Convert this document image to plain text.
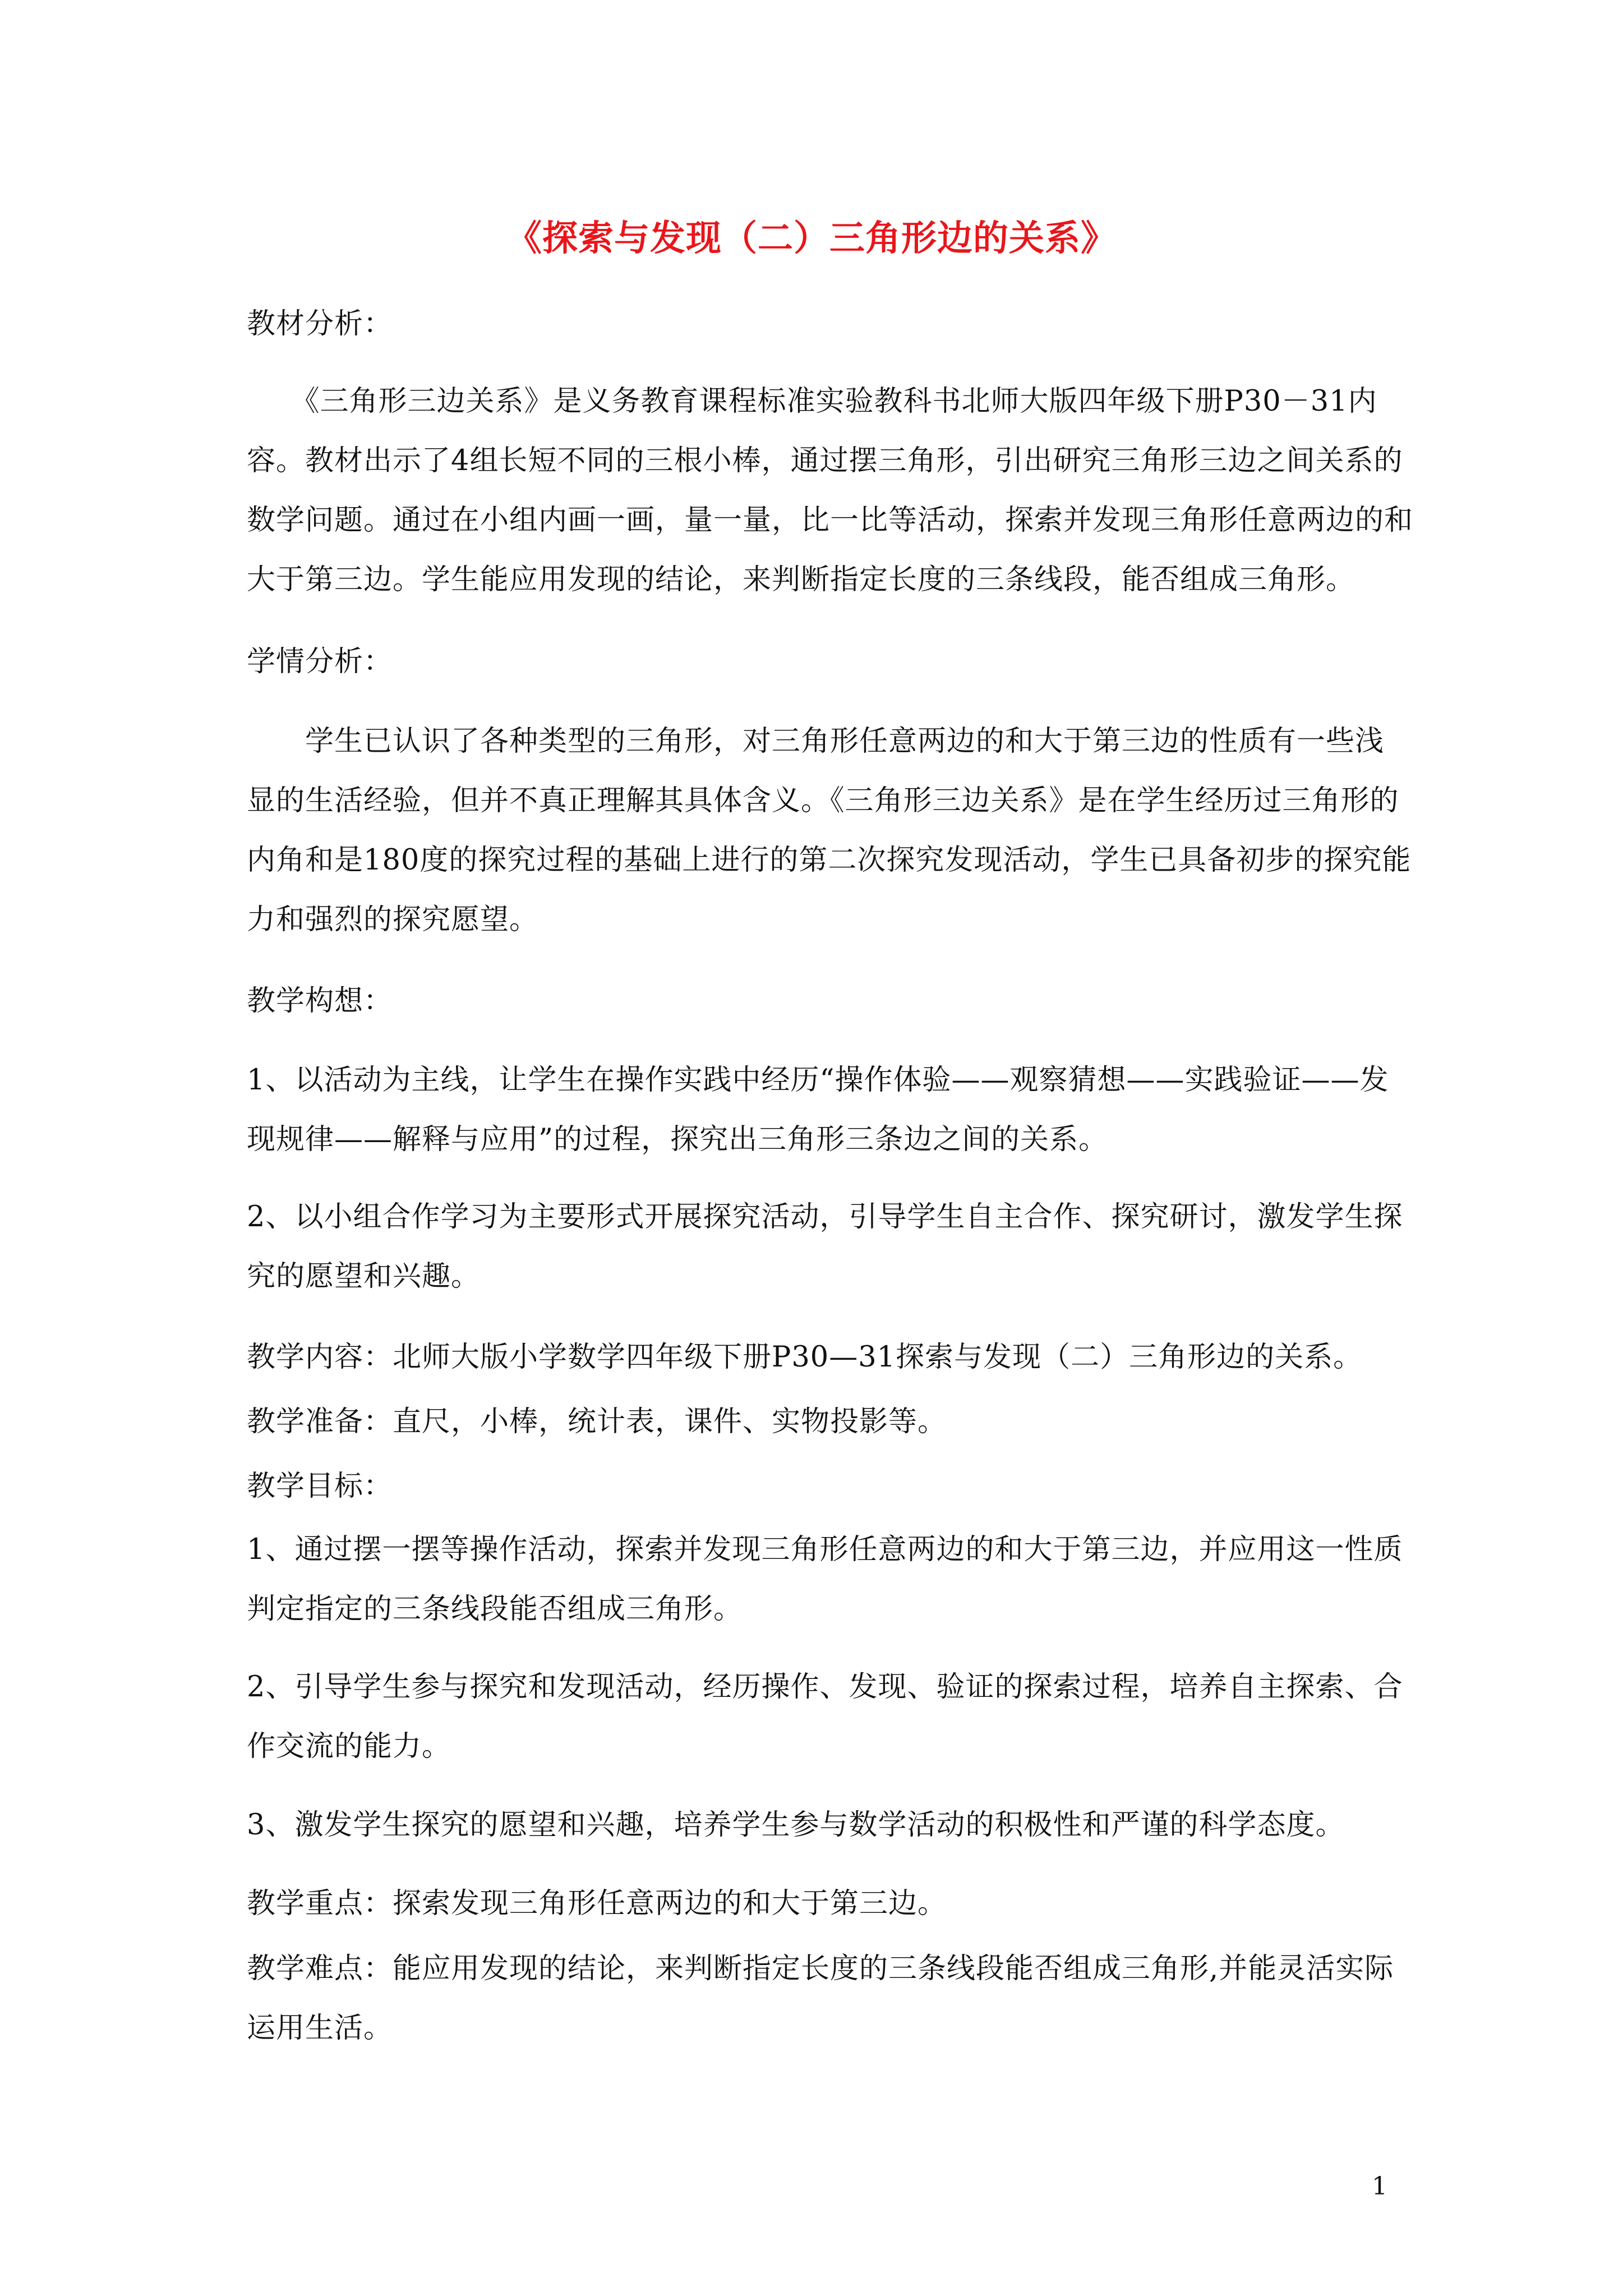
《探索与发现（二）三角形边的关系》
教材分析：
　　《三角形三边关系》是义务教育课程标准实验教科书北师大版四年级下册P30－31内
容。教材出示了4组长短不同的三根小棒，通过摆三角形，引出研究三角形三边之间关系的
数学问题。通过在小组内画一画，量一量，比一比等活动，探索并发现三角形任意两边的和
大于第三边。学生能应用发现的结论，来判断指定长度的三条线段，能否组成三角形。
学情分析：
　　学生已认识了各种类型的三角形，对三角形任意两边的和大于第三边的性质有一些浅
显的生活经验，但并不真正理解其具体含义。《三角形三边关系》是在学生经历过三角形的
内角和是180度的探究过程的基础上进行的第二次探究发现活动，学生已具备初步的探究能
力和强烈的探究愿望。
教学构想：
1、以活动为主线，让学生在操作实践中经历“操作体验——观察猜想——实践验证——发
现规律——解释与应用”的过程，探究出三角形三条边之间的关系。
2、以小组合作学习为主要形式开展探究活动，引导学生自主合作、探究研讨，激发学生探
究的愿望和兴趣。
教学内容：北师大版小学数学四年级下册P30—31探索与发现（二）三角形边的关系。
教学准备：直尺，小棒，统计表，课件、实物投影等。
教学目标：
1、通过摆一摆等操作活动，探索并发现三角形任意两边的和大于第三边，并应用这一性质
判定指定的三条线段能否组成三角形。
2、引导学生参与探究和发现活动，经历操作、发现、验证的探索过程，培养自主探索、合
作交流的能力。
3、激发学生探究的愿望和兴趣，培养学生参与数学活动的积极性和严谨的科学态度。
教学重点：探索发现三角形任意两边的和大于第三边。
教学难点：能应用发现的结论，来判断指定长度的三条线段能否组成三角形,并能灵活实际
运用生活。
1
